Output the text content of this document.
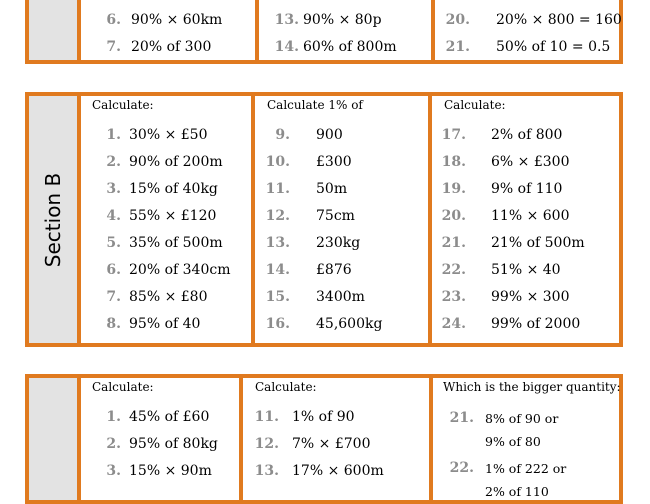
6. 90% × 60km
7. 20% of 300
13. 90% × 80p
14. 60% of 800m
20. 20% × 800 = 160
21. 50% of 10 = 0.5
Section B
Calculate:
1. 30% × £50
2. 90% of 200m
3. 15% of 40kg
4. 55% × £120
5. 35% of 500m
6. 20% of 340cm
7. 85% × £80
8. 95% of 40
Calculate 1% of
9. 900
10. £300
11. 50m
12. 75cm
13. 230kg
14. £876
15. 3400m
16. 45,600kg
Calculate:
17. 2% of 800
18. 6% × £300
19. 9% of 110
20. 11% × 600
21. 21% of 500m
22. 51% × 40
23. 99% × 300
24. 99% of 2000
Calculate:
1. 45% of £60
2. 95% of 80kg
3. 15% × 90m
Calculate:
11. 1% of 90
12. 7% × £700
13. 17% × 600m
Which is the bigger quantity:
21. 8% of 90 or
9% of 80
22. 1% of 222 or
2% of 110
